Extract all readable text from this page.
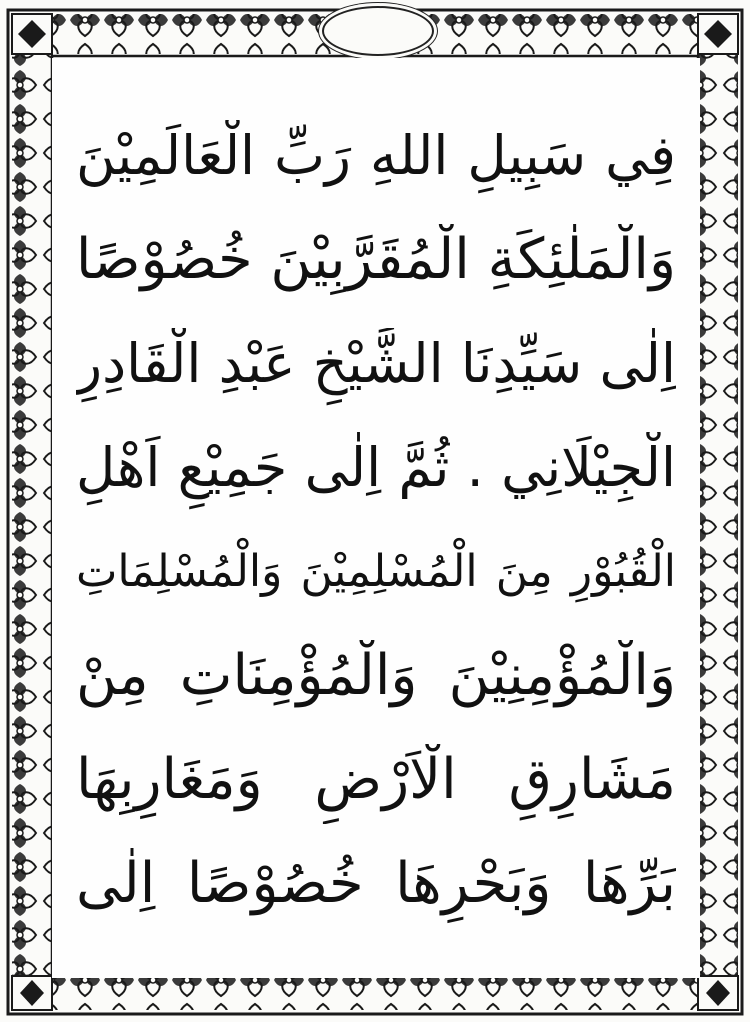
فِي سَبِيلِ اللهِ رَبِّ الْعَالَمِيْنَ
وَالْمَلٰئِكَةِ الْمُقَرَّبِيْنَ خُصُوْصًا
اِلٰى سَيِّدِنَا الشَّيْخِ عَبْدِ الْقَادِرِ
الْجِيْلَانِي . ثُمَّ اِلٰى جَمِيْعِ اَهْلِ
الْقُبُوْرِ مِنَ الْمُسْلِمِيْنَ وَالْمُسْلِمَاتِ
وَالْمُؤْمِنِيْنَ وَالْمُؤْمِنَاتِ مِنْ
مَشَارِقِ الْاَرْضِ وَمَغَارِبِهَا
بَرِّهَا وَبَحْرِهَا خُصُوْصًا اِلٰى
